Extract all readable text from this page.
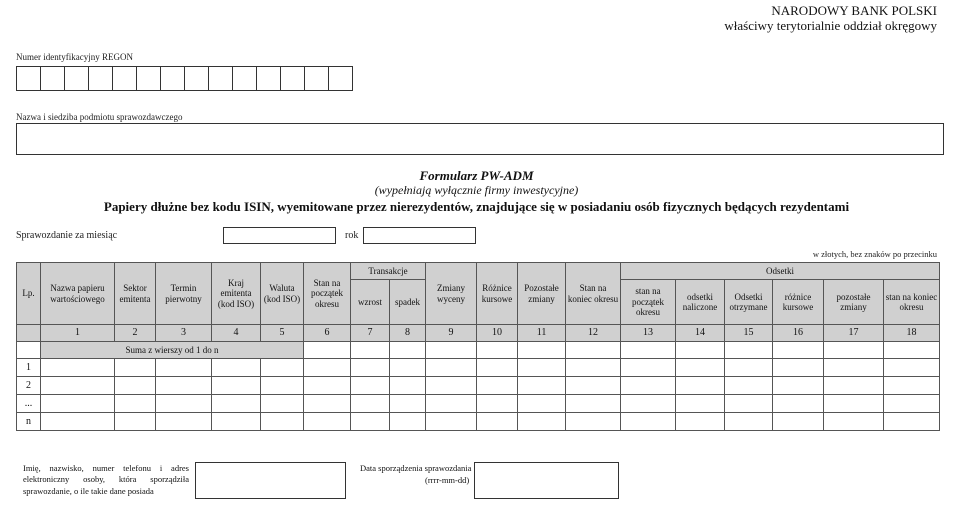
NARODOWY BANK POLSKI
właściwy terytorialnie oddział okręgowy
Numer identyfikacyjny REGON
Nazwa i siedziba podmiotu sprawozdawczego
Formularz PW-ADM
(wypełniają wyłącznie firmy inwestycyjne)
Papiery dłużne bez kodu ISIN, wyemitowane przez nierezydentów, znajdujące się w posiadaniu osób fizycznych będących rezydentami
Sprawozdanie za miesiąc	rok
w złotych, bez znaków po przecinku
Lp.	Nazwa papieru wartościowego	Sektor emitenta	Termin pierwotny	Kraj emitenta (kod ISO)	Waluta (kod ISO)	Stan na początek okresu	Transakcje		Zmiany wyceny	Różnice kursowe	Pozostałe zmiany	Stan na koniec okresu	Odsetki					
							wzrost	spadek					stan na początek okresu	odsetki naliczone	Odsetki otrzymane	różnice kursowe	pozostałe zmiany	stan na koniec okresu
	1	2	3	4	5	6	7	8	9	10	11	12	13	14	15	16	17	18
	Suma z wierszy od 1 do n																	
1																		
2																		
...																		
n																		
Imię, nazwisko, numer telefonu i adres elektroniczny osoby, która sporządziła sprawozdanie, o ile takie dane posiada
Data sporządzenia sprawozdania
(rrrr-mm-dd)
